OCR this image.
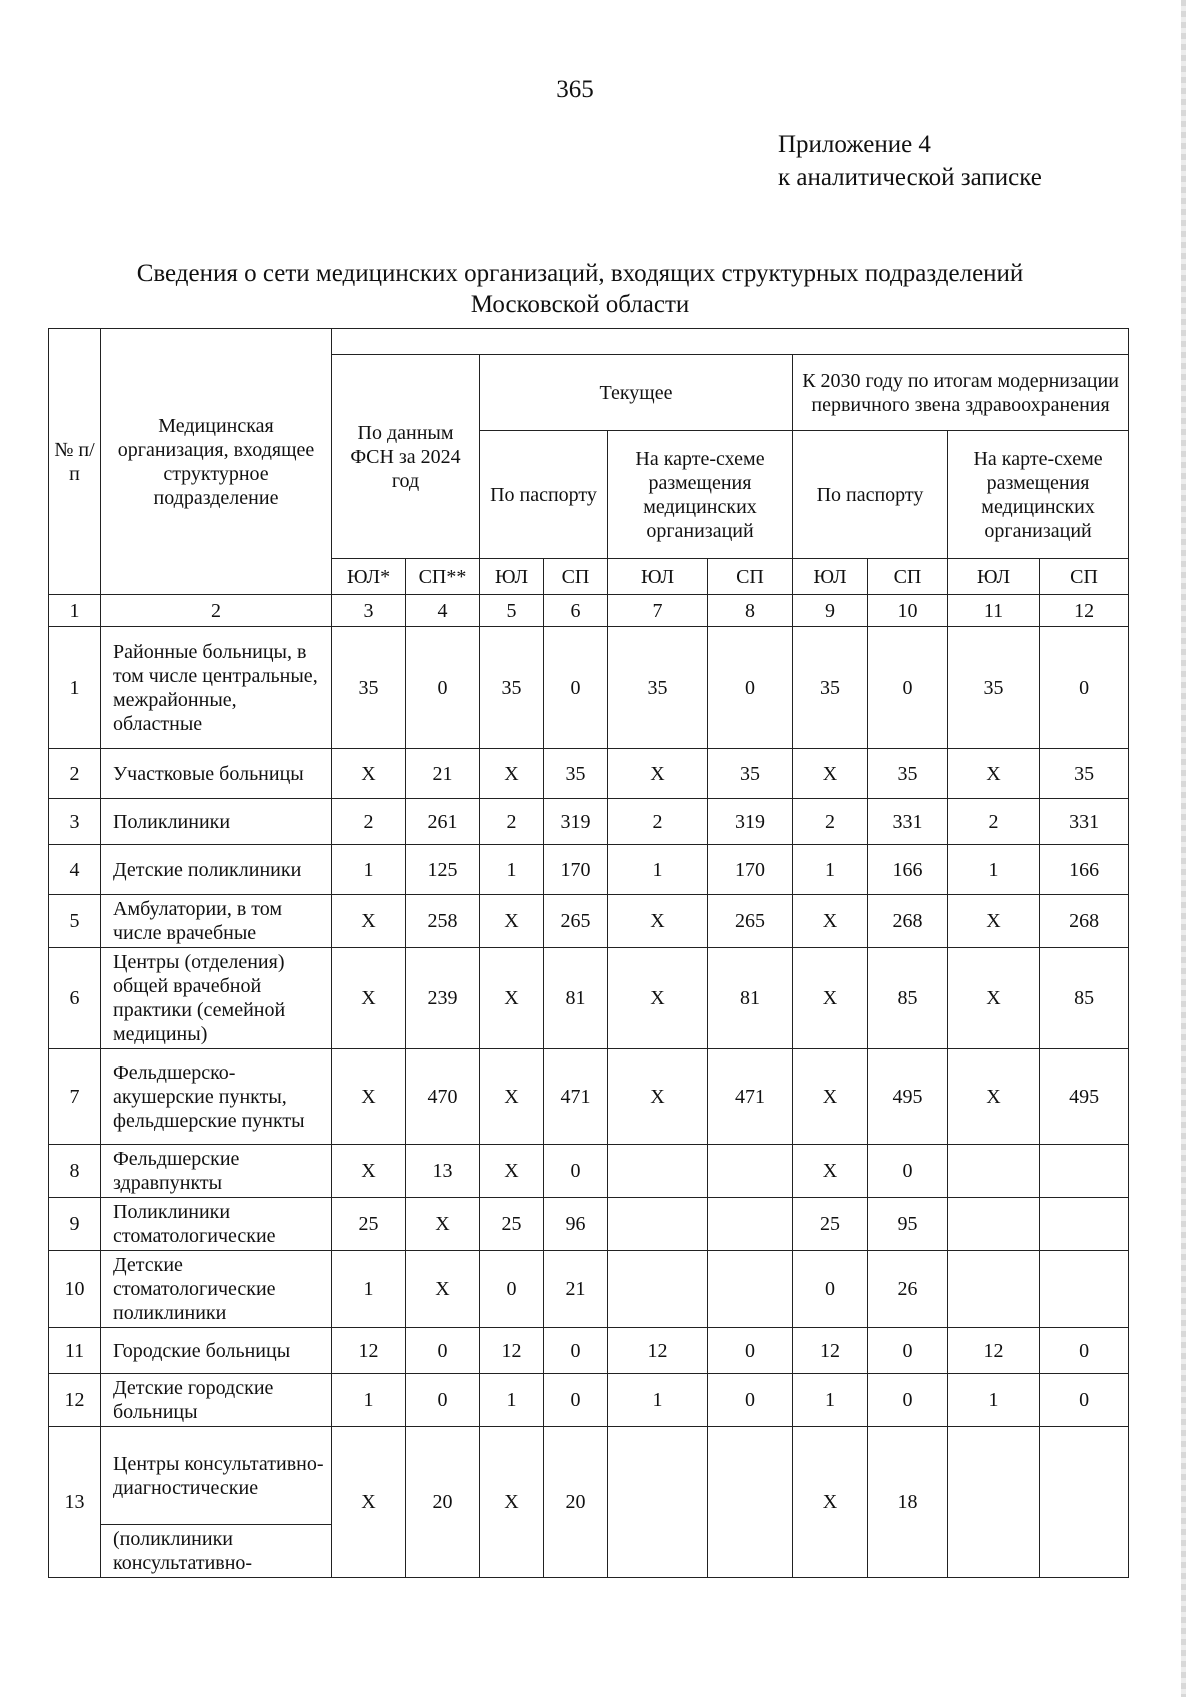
365
Приложение 4
к аналитической записке
Сведения о сети медицинских организаций, входящих структурных подразделений
Московской области
№ п/п	Медицинская организация, входящее структурное подразделение										
		По данным ФСН за 2024 год		Текущее				К 2030 году по итогам модернизации первичного звена здравоохранения			
				По паспорту		На карте-схеме размещения медицинских организаций		По паспорту		На карте-схеме размещения медицинских организаций	
		ЮЛ*	СП**	ЮЛ	СП	ЮЛ	СП	ЮЛ	СП	ЮЛ	СП
1	2	3	4	5	6	7	8	9	10	11	12
1	Районные больницы, в том числе центральные, межрайонные, областные	35	0	35	0	35	0	35	0	35	0
2	Участковые больницы	Х	21	Х	35	Х	35	Х	35	Х	35
3	Поликлиники	2	261	2	319	2	319	2	331	2	331
4	Детские поликлиники	1	125	1	170	1	170	1	166	1	166
5	Амбулатории, в том числе врачебные	Х	258	Х	265	Х	265	Х	268	Х	268
6	Центры (отделения) общей врачебной практики (семейной медицины)	Х	239	Х	81	Х	81	Х	85	Х	85
7	Фельдшерско-акушерские пункты, фельдшерские пункты	Х	470	Х	471	Х	471	Х	495	Х	495
8	Фельдшерские здравпункты	Х	13	Х	0			Х	0		
9	Поликлиники стоматологические	25	Х	25	96			25	95		
10	Детские стоматологические поликлиники	1	Х	0	21			0	26		
11	Городские больницы	12	0	12	0	12	0	12	0	12	0
12	Детские городские больницы	1	0	1	0	1	0	1	0	1	0
13	Центры консультативно-диагностические	Х	20	Х	20			Х	18		
	(поликлиники консультативно-										
